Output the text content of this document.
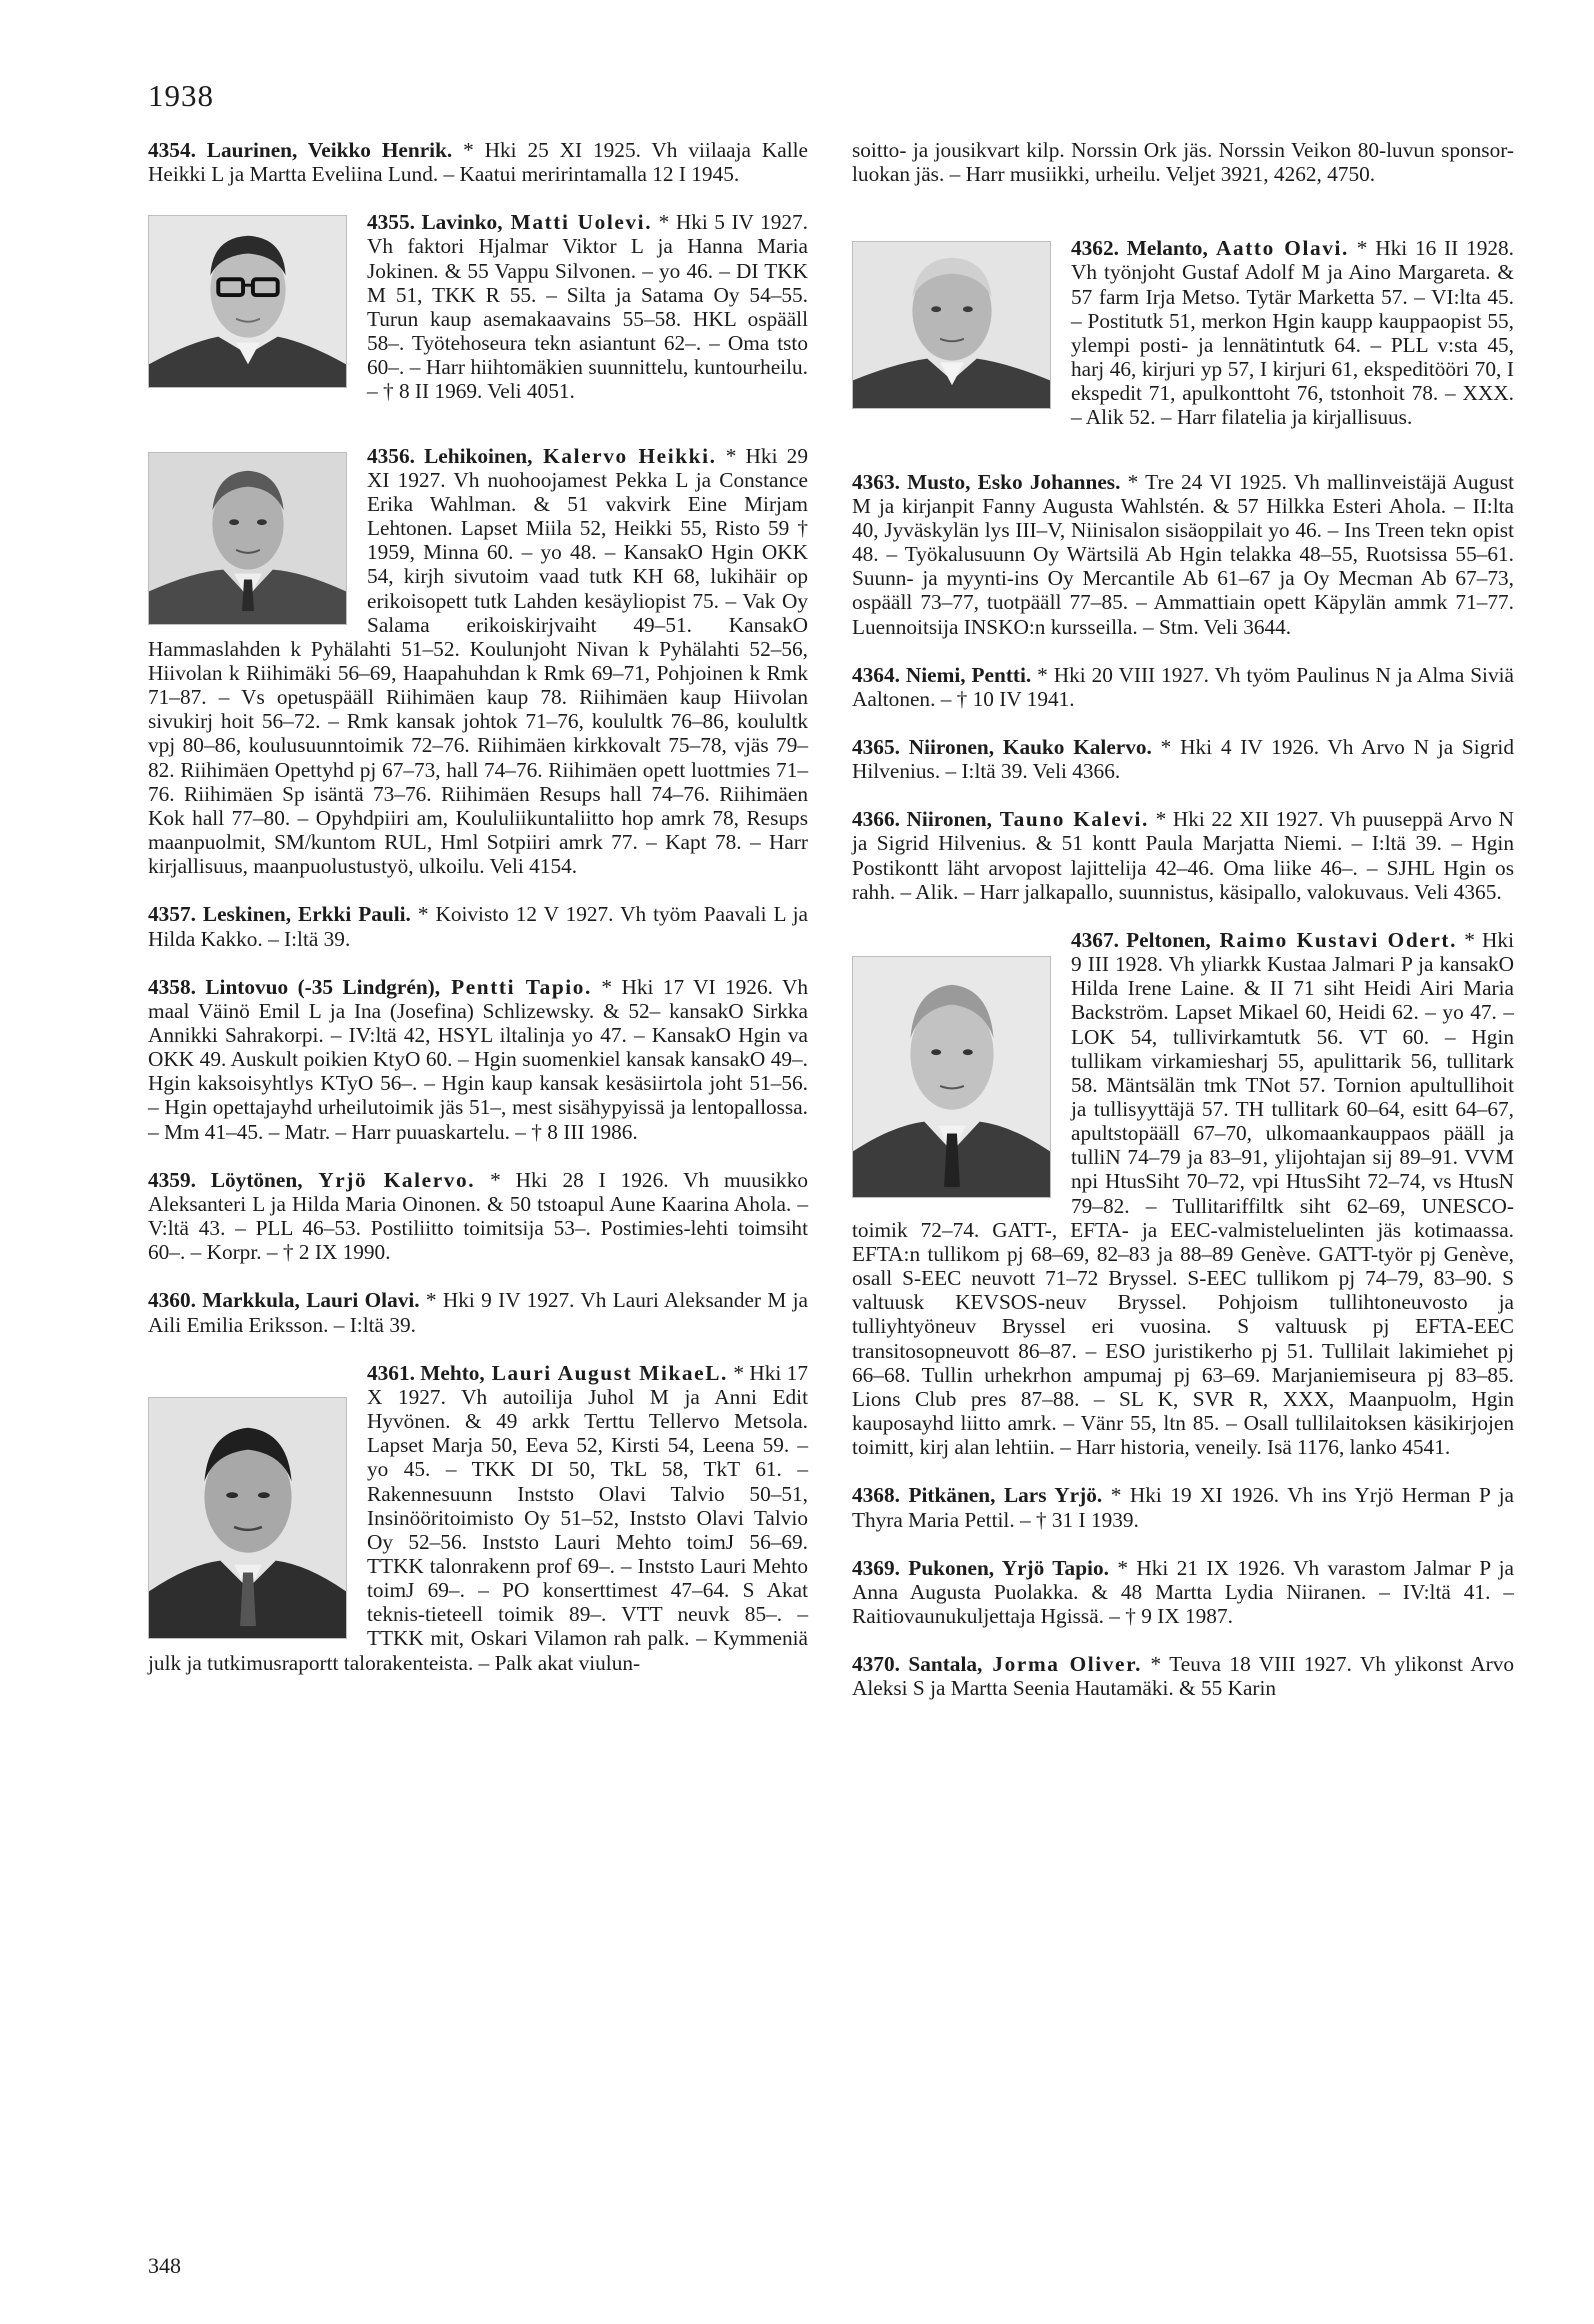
1938
4354. Laurinen, Veikko Henrik. * Hki 25 XI 1925. Vh viilaaja Kalle Heikki L ja Martta Eveliina Lund. – Kaatui meririntamalla 12 I 1945.
4355. Lavinko, Matti Uolevi. * Hki 5 IV 1927. Vh faktori Hjalmar Viktor L ja Hanna Maria Jokinen. & 55 Vappu Silvonen. – yo 46. – DI TKK M 51, TKK R 55. – Silta ja Satama Oy 54–55. Turun kaup asemakaavains 55–58. HKL ospääll 58–. Työtehoseura tekn asiantunt 62–. – Oma tsto 60–. – Harr hiihtomäkien suunnittelu, kuntourheilu. – † 8 II 1969. Veli 4051.
4356. Lehikoinen, Kalervo Heikki. * Hki 29 XI 1927. Vh nuohoojamest Pekka L ja Constance Erika Wahlman. & 51 vakvirk Eine Mirjam Lehtonen. Lapset Miila 52, Heikki 55, Risto 59 † 1959, Minna 60. – yo 48. – KansakO Hgin OKK 54, kirjh sivutoim vaad tutk KH 68, lukihäir op erikoisopett tutk Lahden kesäyliopist 75. – Vak Oy Salama erikoiskirjvaiht 49–51. KansakO Hammaslahden k Pyhälahti 51–52. Koulunjoht Nivan k Pyhälahti 52–56, Hiivolan k Riihimäki 56–69, Haapahuhdan k Rmk 69–71, Pohjoinen k Rmk 71–87. – Vs opetuspääll Riihimäen kaup 78. Riihimäen kaup Hiivolan sivukirj hoit 56–72. – Rmk kansak johtok 71–76, koulultk 76–86, koulultk vpj 80–86, koulusuunntoimik 72–76. Riihimäen kirkkovalt 75–78, vjäs 79–82. Riihimäen Opettyhd pj 67–73, hall 74–76. Riihimäen opett luottmies 71–76. Riihimäen Sp isäntä 73–76. Riihimäen Resups hall 74–76. Riihimäen Kok hall 77–80. – Opyhdpiiri am, Koululiikuntaliitto hop amrk 78, Resups maanpuolmit, SM/kuntom RUL, Hml Sotpiiri amrk 77. – Kapt 78. – Harr kirjallisuus, maanpuolustustyö, ulkoilu. Veli 4154.
4357. Leskinen, Erkki Pauli. * Koivisto 12 V 1927. Vh työm Paavali L ja Hilda Kakko. – I:ltä 39.
4358. Lintovuo (-35 Lindgrén), Pentti Tapio. * Hki 17 VI 1926. Vh maal Väinö Emil L ja Ina (Josefina) Schlizewsky. & 52– kansakO Sirkka Annikki Sahrakorpi. – IV:ltä 42, HSYL iltalinja yo 47. – KansakO Hgin va OKK 49. Auskult poikien KtyO 60. – Hgin suomenkiel kansak kansakO 49–. Hgin kaksoisyhtlys KTyO 56–. – Hgin kaup kansak kesäsiirtola joht 51–56. – Hgin opettajayhd urheilutoimik jäs 51–, mest sisähypyissä ja lentopallossa. – Mm 41–45. – Matr. – Harr puuaskartelu. – † 8 III 1986.
4359. Löytönen, Yrjö Kalervo. * Hki 28 I 1926. Vh muusikko Aleksanteri L ja Hilda Maria Oinonen. & 50 tstoapul Aune Kaarina Ahola. – V:ltä 43. – PLL 46–53. Postiliitto toimitsija 53–. Postimies-lehti toimsiht 60–. – Korpr. – † 2 IX 1990.
4360. Markkula, Lauri Olavi. * Hki 9 IV 1927. Vh Lauri Aleksander M ja Aili Emilia Eriksson. – I:ltä 39.
4361. Mehto, Lauri August MikaeL. * Hki 17 X 1927. Vh autoilija Juhol M ja Anni Edit Hyvönen. & 49 arkk Terttu Tellervo Metsola. Lapset Marja 50, Eeva 52, Kirsti 54, Leena 59. – yo 45. – TKK DI 50, TkL 58, TkT 61. – Rakennesuunn Inststo Olavi Talvio 50–51, Insinööritoimisto Oy 51–52, Inststo Olavi Talvio Oy 52–56. Inststo Lauri Mehto toimJ 56–69. TTKK talonrakenn prof 69–. – Inststo Lauri Mehto toimJ 69–. – PO konserttimest 47–64. S Akat teknis-tieteell toimik 89–. VTT neuvk 85–. – TTKK mit, Oskari Vilamon rah palk. – Kymmeniä julk ja tutkimusraportt talorakenteista. – Palk akat viulun-
soitto- ja jousikvart kilp. Norssin Ork jäs. Norssin Veikon 80-luvun sponsor-luokan jäs. – Harr musiikki, urheilu. Veljet 3921, 4262, 4750.
4362. Melanto, Aatto Olavi. * Hki 16 II 1928. Vh työnjoht Gustaf Adolf M ja Aino Margareta. & 57 farm Irja Metso. Tytär Marketta 57. – VI:lta 45. – Postitutk 51, merkon Hgin kaupp kauppaopist 55, ylempi posti- ja lennätintutk 64. – PLL v:sta 45, harj 46, kirjuri yp 57, I kirjuri 61, ekspeditööri 70, I ekspedit 71, apulkonttoht 76, tstonhoit 78. – XXX. – Alik 52. – Harr filatelia ja kirjallisuus.
4363. Musto, Esko Johannes. * Tre 24 VI 1925. Vh mallinveistäjä August M ja kirjanpit Fanny Augusta Wahlstén. & 57 Hilkka Esteri Ahola. – II:lta 40, Jyväskylän lys III–V, Niinisalon sisäoppilait yo 46. – Ins Treen tekn opist 48. – Työkalusuunn Oy Wärtsilä Ab Hgin telakka 48–55, Ruotsissa 55–61. Suunn- ja myynti-ins Oy Mercantile Ab 61–67 ja Oy Mecman Ab 67–73, ospääll 73–77, tuotpääll 77–85. – Ammattiain opett Käpylän ammk 71–77. Luennoitsija INSKO:n kursseilla. – Stm. Veli 3644.
4364. Niemi, Pentti. * Hki 20 VIII 1927. Vh työm Paulinus N ja Alma Siviä Aaltonen. – † 10 IV 1941.
4365. Niironen, Kauko Kalervo. * Hki 4 IV 1926. Vh Arvo N ja Sigrid Hilvenius. – I:ltä 39. Veli 4366.
4366. Niironen, Tauno Kalevi. * Hki 22 XII 1927. Vh puuseppä Arvo N ja Sigrid Hilvenius. & 51 kontt Paula Marjatta Niemi. – I:ltä 39. – Hgin Postikontt läht arvopost lajittelija 42–46. Oma liike 46–. – SJHL Hgin os rahh. – Alik. – Harr jalkapallo, suunnistus, käsipallo, valokuvaus. Veli 4365.
4367. Peltonen, Raimo Kustavi Odert. * Hki 9 III 1928. Vh yliarkk Kustaa Jalmari P ja kansakO Hilda Irene Laine. & II 71 siht Heidi Airi Maria Backström. Lapset Mikael 60, Heidi 62. – yo 47. – LOK 54, tullivirkamtutk 56. VT 60. – Hgin tullikam virkamiesharj 55, apulittarik 56, tullitark 58. Mäntsälän tmk TNot 57. Tornion apultullihoit ja tullisyyttäjä 57. TH tullitark 60–64, esitt 64–67, apultstopääll 67–70, ulkomaankauppaos pääll ja tulliN 74–79 ja 83–91, ylijohtajan sij 89–91. VVM npi HtusSiht 70–72, vpi HtusSiht 72–74, vs HtusN 79–82. – Tullitariffiltk siht 62–69, UNESCO-toimik 72–74. GATT-, EFTA- ja EEC-valmisteluelinten jäs kotimaassa. EFTA:n tullikom pj 68–69, 82–83 ja 88–89 Genève. GATT-työr pj Genève, osall S-EEC neuvott 71–72 Bryssel. S-EEC tullikom pj 74–79, 83–90. S valtuusk KEVSOS-neuv Bryssel. Pohjoism tullihtoneuvosto ja tulliyhtyöneuv Bryssel eri vuosina. S valtuusk pj EFTA-EEC transitosopneuvott 86–87. – ESO juristikerho pj 51. Tullilait lakimiehet pj 66–68. Tullin urhekrhon ampumaj pj 63–69. Marjaniemiseura pj 83–85. Lions Club pres 87–88. – SL K, SVR R, XXX, Maanpuolm, Hgin kauposayhd liitto amrk. – Vänr 55, ltn 85. – Osall tullilaitoksen käsikirjojen toimitt, kirj alan lehtiin. – Harr historia, veneily. Isä 1176, lanko 4541.
4368. Pitkänen, Lars Yrjö. * Hki 19 XI 1926. Vh ins Yrjö Herman P ja Thyra Maria Pettil. – † 31 I 1939.
4369. Pukonen, Yrjö Tapio. * Hki 21 IX 1926. Vh varastom Jalmar P ja Anna Augusta Puolakka. & 48 Martta Lydia Niiranen. – IV:ltä 41. – Raitiovaunukuljettaja Hgissä. – † 9 IX 1987.
4370. Santala, Jorma Oliver. * Teuva 18 VIII 1927. Vh ylikonst Arvo Aleksi S ja Martta Seenia Hautamäki. & 55 Karin
348
